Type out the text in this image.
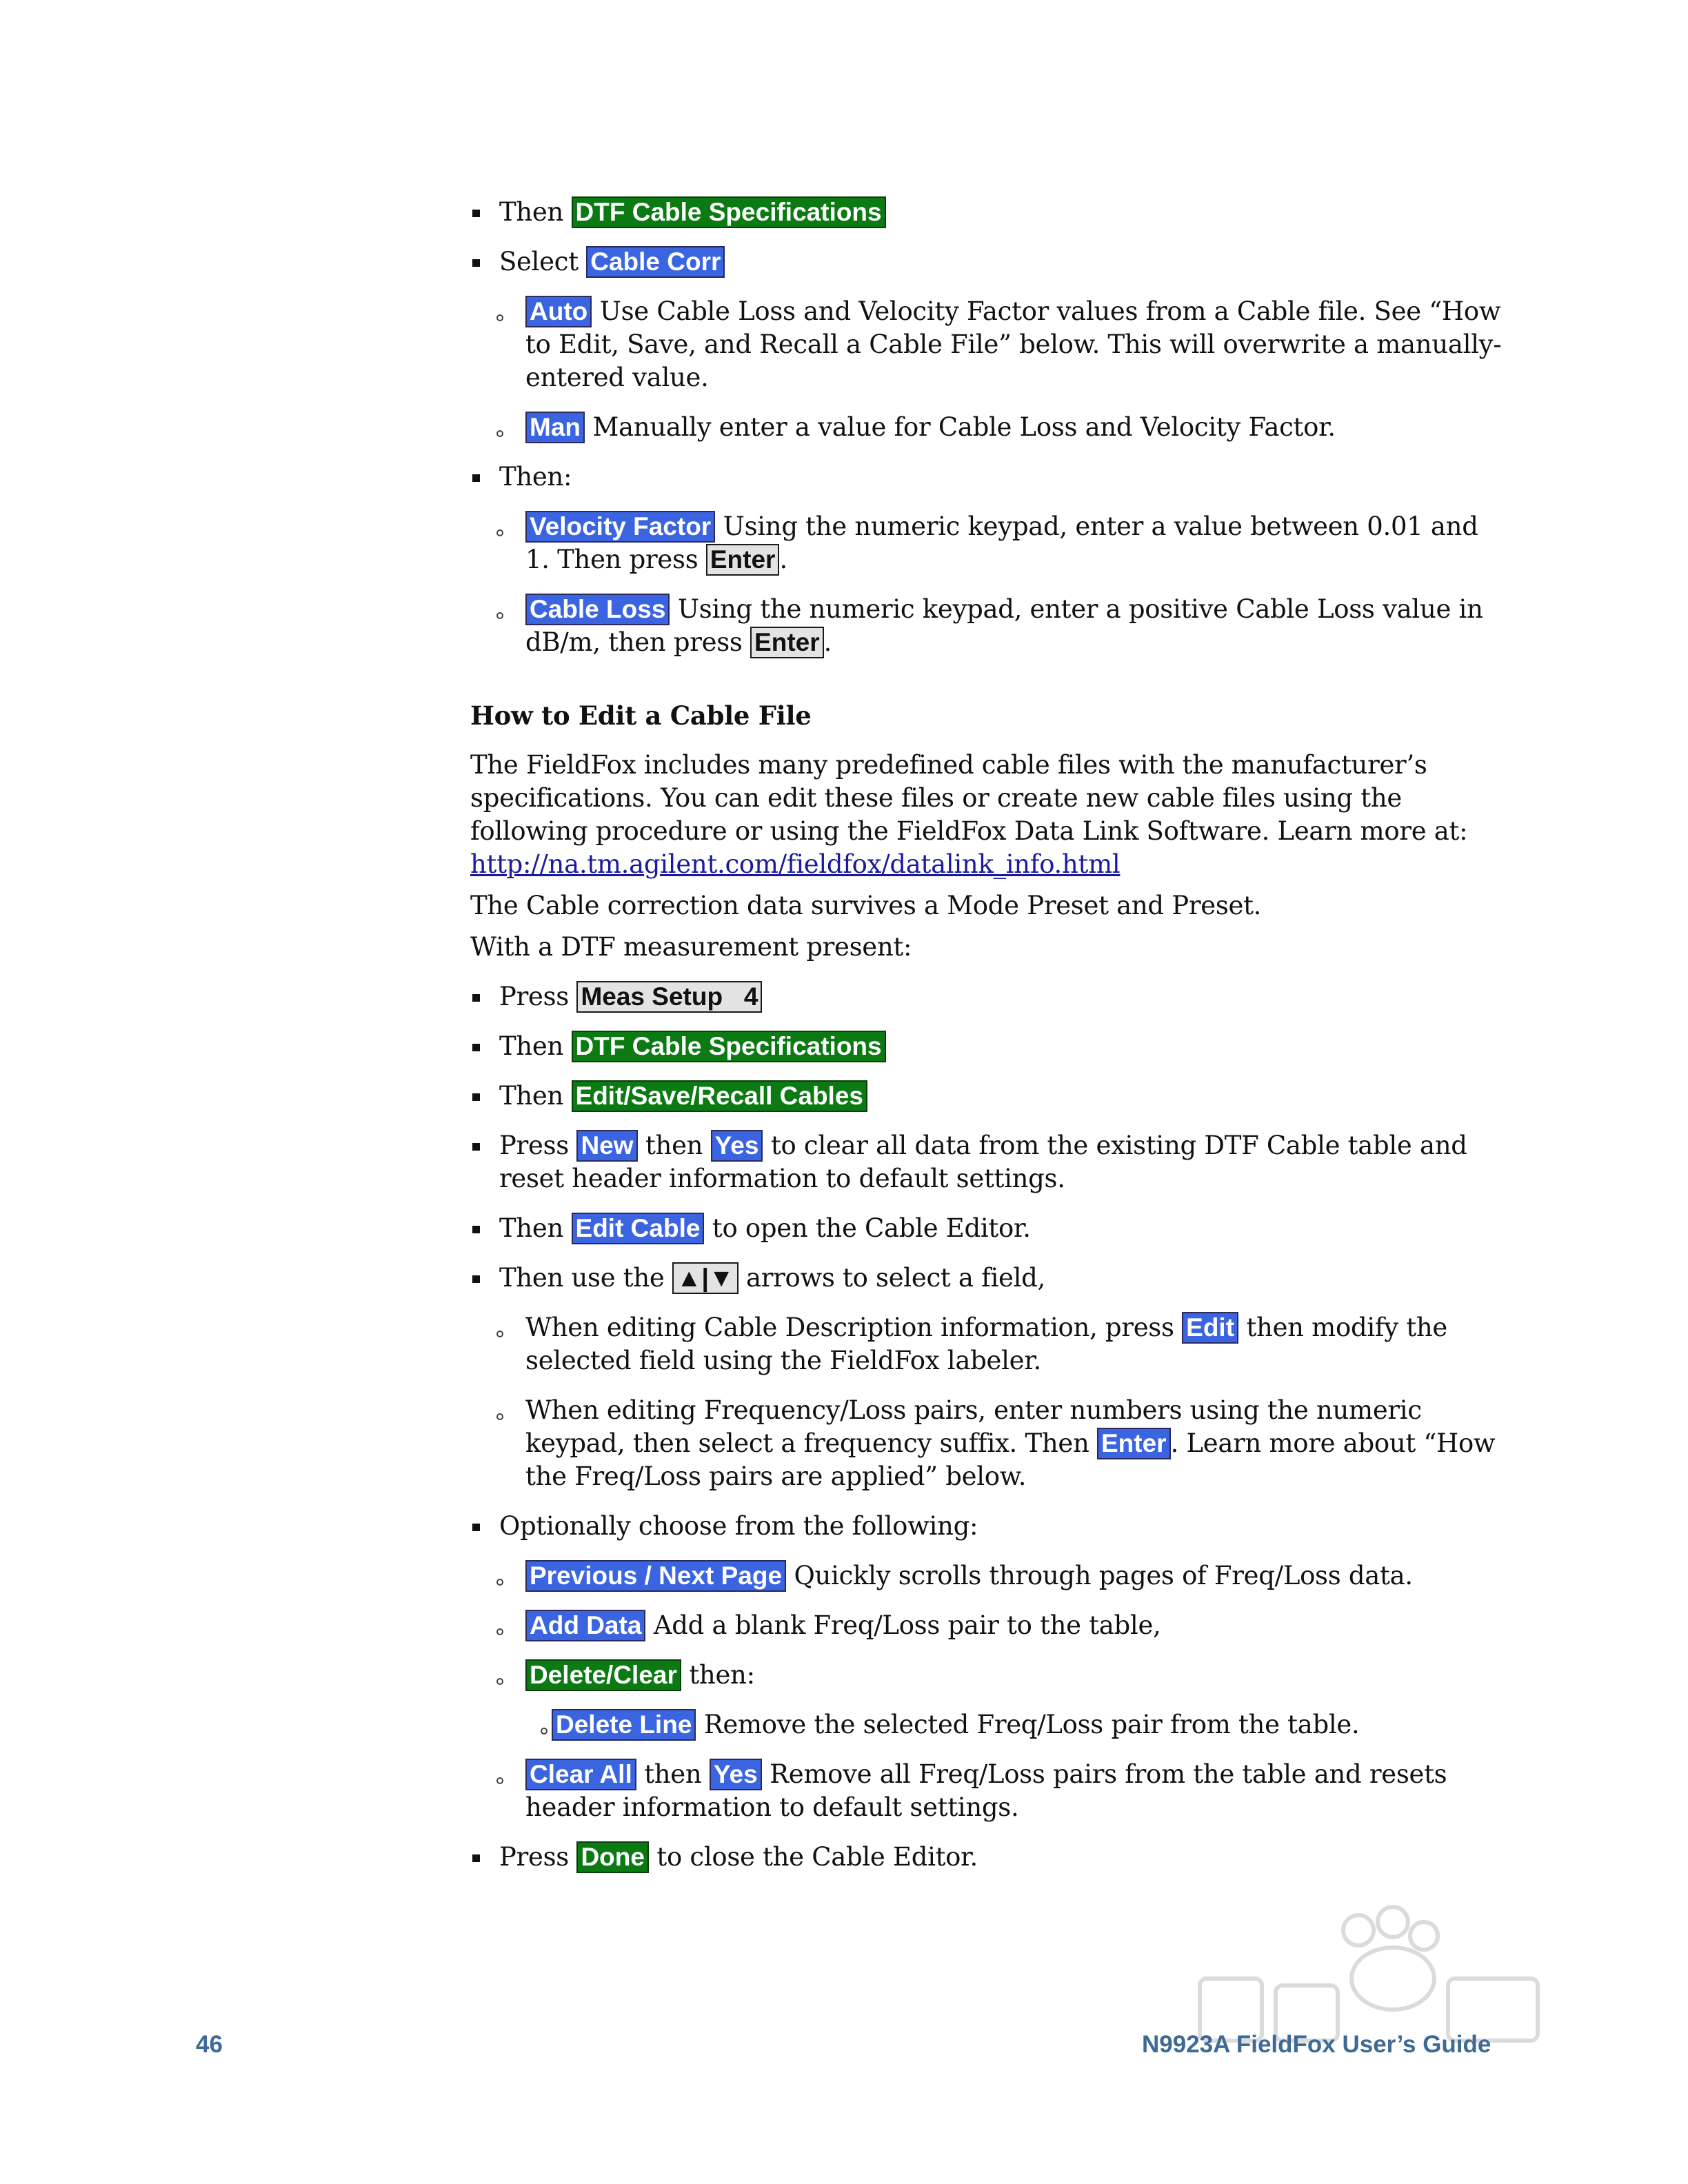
Then DTF Cable Specifications
Select Cable Corr
Auto Use Cable Loss and Velocity Factor values from a Cable file. See “How
to Edit, Save, and Recall a Cable File” below. This will overwrite a manually-
entered value.
Man Manually enter a value for Cable Loss and Velocity Factor.
Then:
Velocity Factor Using the numeric keypad, enter a value between 0.01 and
1. Then press Enter .
Cable Loss Using the numeric keypad, enter a positive Cable Loss value in
dB/m, then press Enter .
How to Edit a Cable File
The FieldFox includes many predefined cable files with the manufacturer’s
specifications. You can edit these files or create new cable files using the
following procedure or using the FieldFox Data Link Software. Learn more at:
http://na.tm.agilent.com/fieldfox/datalink_info.html
The Cable correction data survives a Mode Preset and Preset.
With a DTF measurement present:
Press Meas Setup   4
Then DTF Cable Specifications
Then Edit/Save/Recall Cables
Press New then Yes to clear all data from the existing DTF Cable table and
reset header information to default settings.
Then Edit Cable to open the Cable Editor.
Then use the ▲|▼ arrows to select a field,
When editing Cable Description information, press Edit then modify the
selected field using the FieldFox labeler.
When editing Frequency/Loss pairs, enter numbers using the numeric
keypad, then select a frequency suffix. Then Enter . Learn more about “How
the Freq/Loss pairs are applied” below.
Optionally choose from the following:
Previous / Next Page Quickly scrolls through pages of Freq/Loss data.
Add Data Add a blank Freq/Loss pair to the table,
Delete/Clear then:
Delete Line Remove the selected Freq/Loss pair from the table.
Clear All then Yes Remove all Freq/Loss pairs from the table and resets
header information to default settings.
Press Done to close the Cable Editor.
46	N9923A FieldFox User’s Guide
